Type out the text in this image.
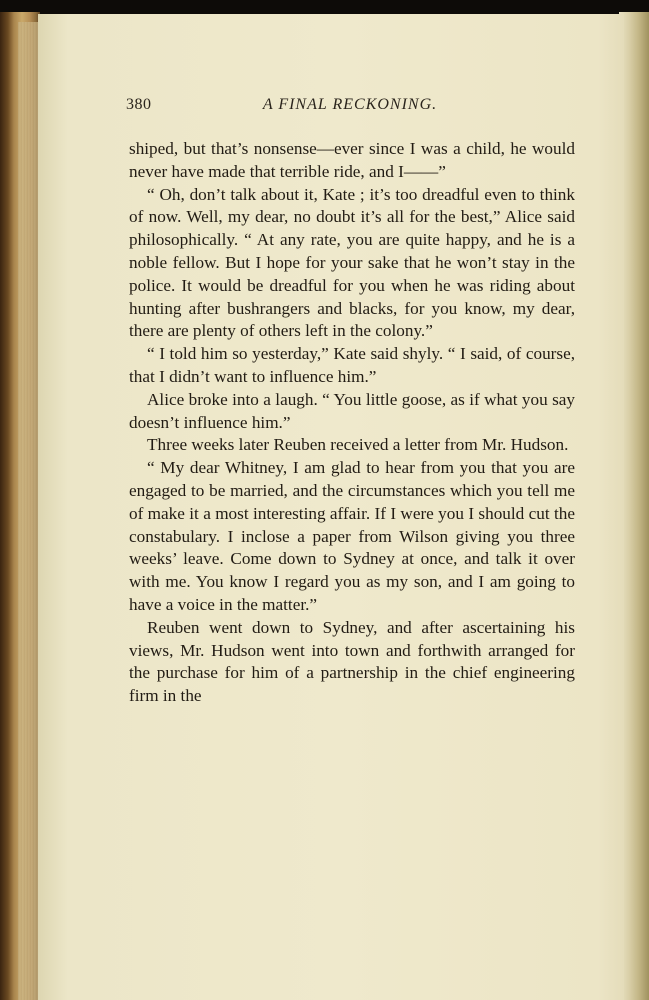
380	A FINAL RECKONING.

shiped, but that’s nonsense—ever since I was a child, he would never have made that terrible ride, and I——”

“ Oh, don’t talk about it, Kate ; it’s too dreadful even to think of now. Well, my dear, no doubt it’s all for the best,” Alice said philosophically. “ At any rate, you are quite happy, and he is a noble fellow. But I hope for your sake that he won’t stay in the police. It would be dreadful for you when he was riding about hunting after bushrangers and blacks, for you know, my dear, there are plenty of others left in the colony.”

“ I told him so yesterday,” Kate said shyly. “ I said, of course, that I didn’t want to influence him.”

Alice broke into a laugh. “ You little goose, as if what you say doesn’t influence him.”

Three weeks later Reuben received a letter from Mr. Hudson.

“ My dear Whitney, I am glad to hear from you that you are engaged to be married, and the circumstances which you tell me of make it a most interesting affair. If I were you I should cut the constabulary. I inclose a paper from Wilson giving you three weeks’ leave. Come down to Sydney at once, and talk it over with me. You know I regard you as my son, and I am going to have a voice in the matter.”

Reuben went down to Sydney, and after ascertaining his views, Mr. Hudson went into town and forthwith arranged for the purchase for him of a partnership in the chief engineering firm in the
